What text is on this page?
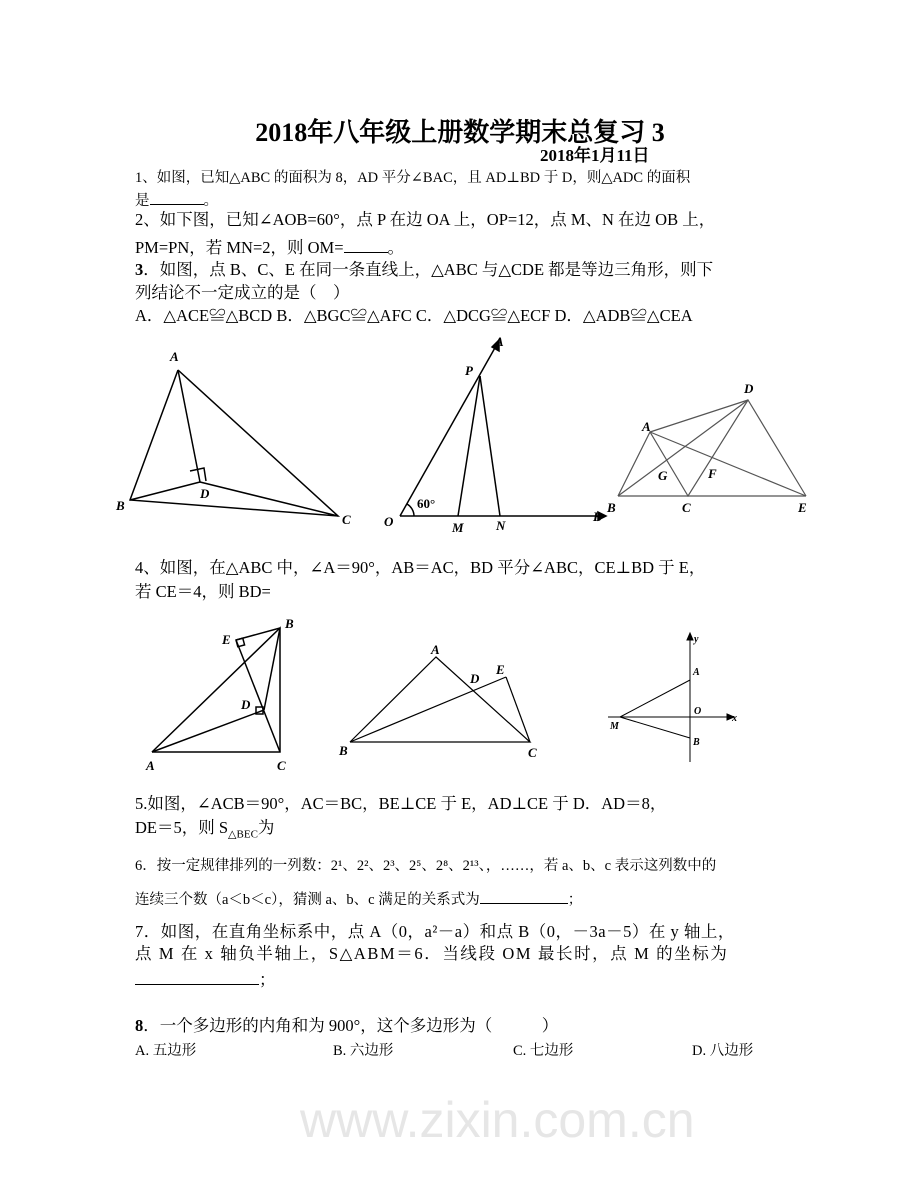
www.zixin.com.cn
2018年八年级上册数学期末总复习 3
2018年1月11日
1、如图，已知△ABC 的面积为 8，AD 平分∠BAC，且 AD⊥BD 于 D，则△ADC 的面积
是	。
2、如下图，已知∠AOB=60°，点 P 在边 OA 上，OP=12，点 M、N 在边 OB 上，
PM=PN，若 MN=2，则 OM=	。
3．如图，点 B、C、E 在同一条直线上，△ABC 与△CDE 都是等边三角形，则下
列结论不一定成立的是（　）
A．△ACE≌△BCD B．△BGC≌△AFC C．△DCG≌△ECF D．△ADB≌△CEA
A
B
C
D
A
P
O	M N
B
60°
A
B	C
D
E
F
G
A
B
C
D
E
A
B	C
D
E
y
x
A
B
O
M
4、如图，在△ABC 中，∠A＝90°，AB＝AC，BD 平分∠ABC，CE⊥BD 于 E，
若 CE＝4，则 BD=
5.如图，∠ACB＝90°，AC＝BC，BE⊥CE 于 E，AD⊥CE 于 D．AD＝8，
DE＝5，则 $S_{\triangle BEC}$为
6．按一定规律排列的一列数：2¹、2²、2³、2⁵、2⁸、2¹³、，……，若 a、b、c 表示这列数中的
连续三个数（a＜b＜c），猜测 a、b、c 满足的关系式为	；
7．如图，在直角坐标系中，点 A（0，a²－a）和点 B（0，－3a－5）在 y 轴上，
点 M 在 x 轴负半轴上，S△ABM＝6．当线段 OM 最长时，点 M 的坐标为
；
8．一个多边形的内角和为 900°，这个多边形为（　　　）
A. 五边形	B. 六边形	C. 七边形	D. 八边形
